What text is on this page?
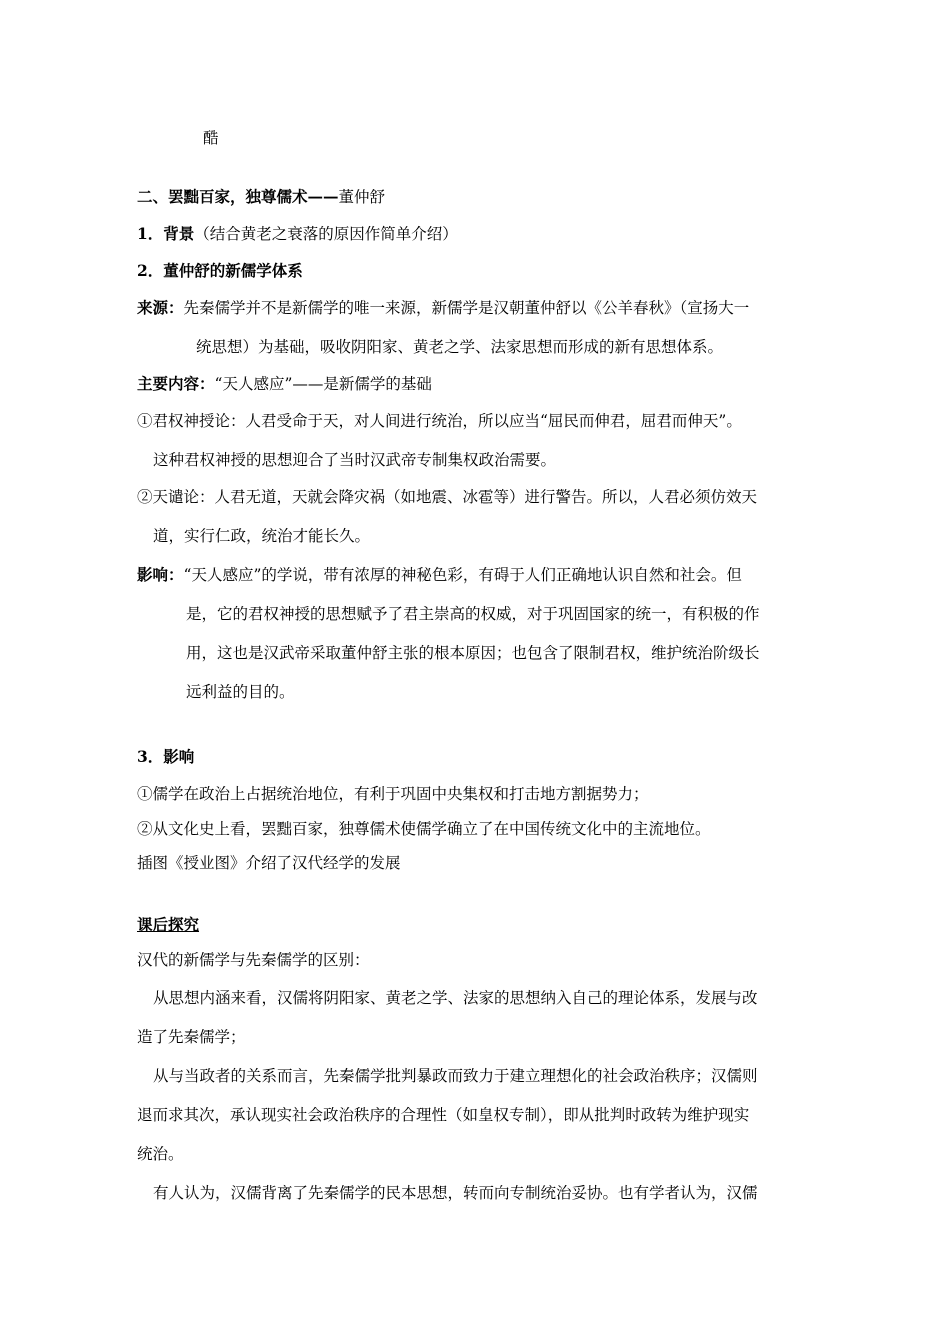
酷
二、罢黜百家，独尊儒术——董仲舒
1．背景（结合黄老之衰落的原因作简单介绍）
2．董仲舒的新儒学体系
来源：先秦儒学并不是新儒学的唯一来源，新儒学是汉朝董仲舒以《公羊春秋》（宣扬大一
统思想）为基础，吸收阴阳家、黄老之学、法家思想而形成的新有思想体系。
主要内容：“天人感应”——是新儒学的基础
①君权神授论：人君受命于天，对人间进行统治，所以应当“屈民而伸君，屈君而伸天”。
这种君权神授的思想迎合了当时汉武帝专制集权政治需要。
②天谴论：人君无道，天就会降灾祸（如地震、冰雹等）进行警告。所以，人君必须仿效天
道，实行仁政，统治才能长久。
影响：“天人感应”的学说，带有浓厚的神秘色彩，有碍于人们正确地认识自然和社会。但
是，它的君权神授的思想赋予了君主崇高的权威，对于巩固国家的统一，有积极的作
用，这也是汉武帝采取董仲舒主张的根本原因；也包含了限制君权，维护统治阶级长
远利益的目的。
3．影响
①儒学在政治上占据统治地位，有利于巩固中央集权和打击地方割据势力；
②从文化史上看，罢黜百家，独尊儒术使儒学确立了在中国传统文化中的主流地位。
插图《授业图》介绍了汉代经学的发展
课后探究
汉代的新儒学与先秦儒学的区别：
从思想内涵来看，汉儒将阴阳家、黄老之学、法家的思想纳入自己的理论体系，发展与改
造了先秦儒学；
从与当政者的关系而言，先秦儒学批判暴政而致力于建立理想化的社会政治秩序；汉儒则
退而求其次，承认现实社会政治秩序的合理性（如皇权专制），即从批判时政转为维护现实
统治。
有人认为，汉儒背离了先秦儒学的民本思想，转而向专制统治妥协。也有学者认为，汉儒
